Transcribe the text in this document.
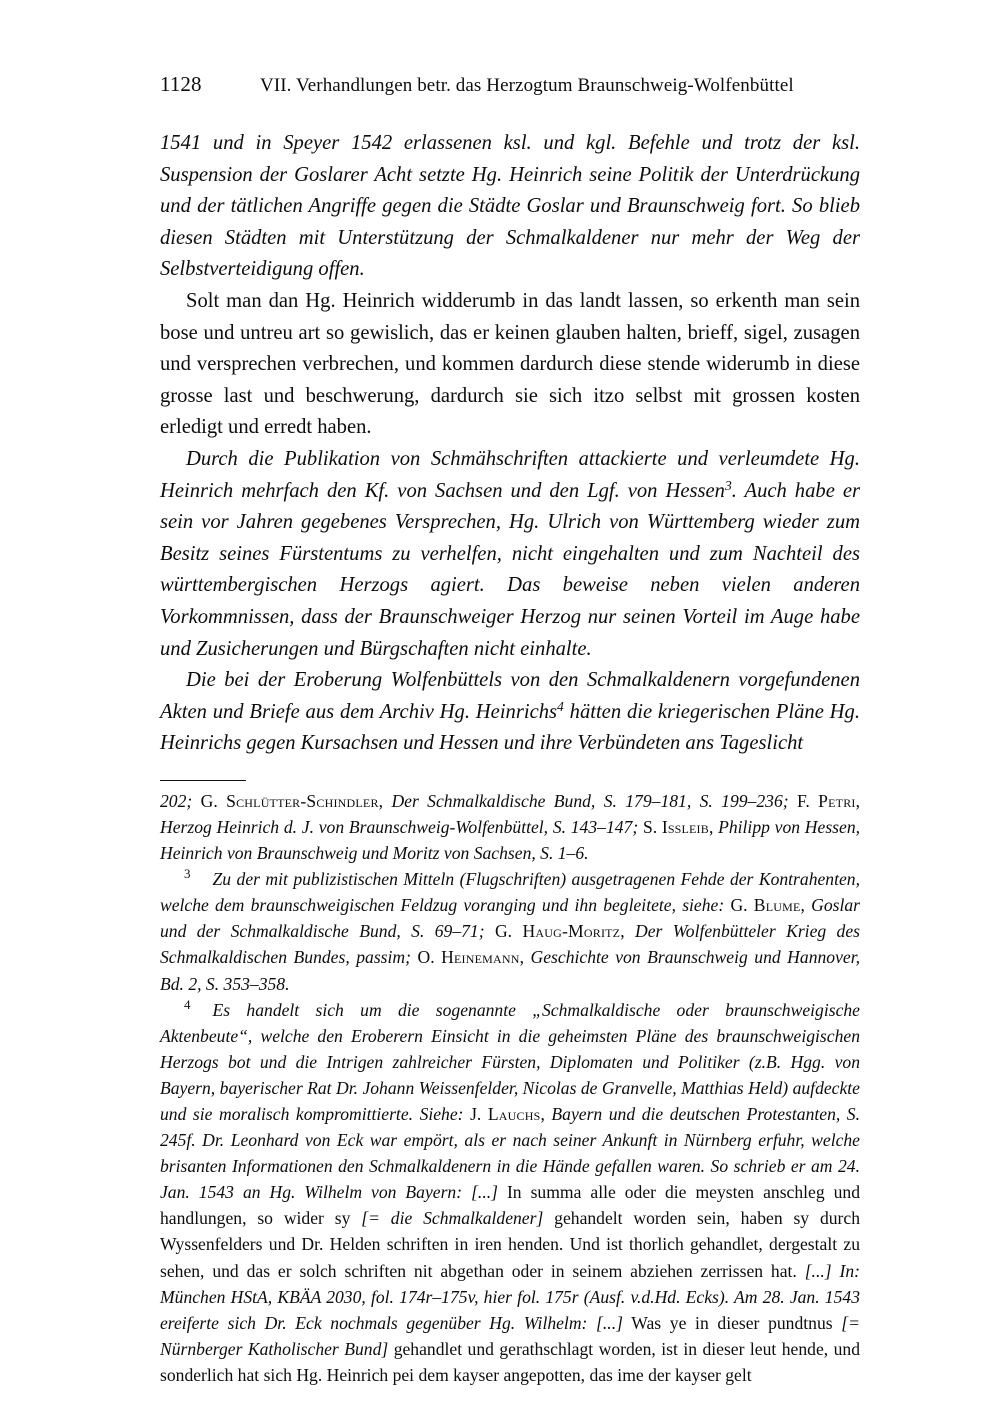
1128	VII. Verhandlungen betr. das Herzogtum Braunschweig-Wolfenbüttel

1541 und in Speyer 1542 erlassenen ksl. und kgl. Befehle und trotz der ksl. Suspension der Goslarer Acht setzte Hg. Heinrich seine Politik der Unterdrückung und der tätlichen Angriffe gegen die Städte Goslar und Braunschweig fort. So blieb diesen Städten mit Unterstützung der Schmalkaldener nur mehr der Weg der Selbstverteidigung offen.

Solt man dan Hg. Heinrich widderumb in das landt lassen, so erkenth man sein bose und untreu art so gewislich, das er keinen glauben halten, brieff, sigel, zusagen und versprechen verbrechen, und kommen dardurch diese stende widerumb in diese grosse last und beschwerung, dardurch sie sich itzo selbst mit grossen kosten erledigt und erredt haben.

Durch die Publikation von Schmähschriften attackierte und verleumdete Hg. Heinrich mehrfach den Kf. von Sachsen und den Lgf. von Hessen$^3$. Auch habe er sein vor Jahren gegebenes Versprechen, Hg. Ulrich von Württemberg wieder zum Besitz seines Fürstentums zu verhelfen, nicht eingehalten und zum Nachteil des württembergischen Herzogs agiert. Das beweise neben vielen anderen Vorkommnissen, dass der Braunschweiger Herzog nur seinen Vorteil im Auge habe und Zusicherungen und Bürgschaften nicht einhalte.

Die bei der Eroberung Wolfenbüttels von den Schmalkaldenern vorgefundenen Akten und Briefe aus dem Archiv Hg. Heinrichs$^4$ hätten die kriegerischen Pläne Hg. Heinrichs gegen Kursachsen und Hessen und ihre Verbündeten ans Tageslicht

202; G. Schlütter-Schindler, Der Schmalkaldische Bund, S. 179–181, S. 199–236; F. Petri, Herzog Heinrich d. J. von Braunschweig-Wolfenbüttel, S. 143–147; S. Ißleib, Philipp von Hessen, Heinrich von Braunschweig und Moritz von Sachsen, S. 1–6.

$^3$ Zu der mit publizistischen Mitteln (Flugschriften) ausgetragenen Fehde der Kontrahenten, welche dem braunschweigischen Feldzug voranging und ihn begleitete, siehe: G. Blume, Goslar und der Schmalkaldische Bund, S. 69–71; G. Haug-Moritz, Der Wolfenbütteler Krieg des Schmalkaldischen Bundes, passim; O. Heinemann, Geschichte von Braunschweig und Hannover, Bd. 2, S. 353–358.

$^4$ Es handelt sich um die sogenannte „Schmalkaldische oder braunschweigische Aktenbeute“, welche den Eroberern Einsicht in die geheimsten Pläne des braunschweigischen Herzogs bot und die Intrigen zahlreicher Fürsten, Diplomaten und Politiker (z.B. Hgg. von Bayern, bayerischer Rat Dr. Johann Weissenfelder, Nicolas de Granvelle, Matthias Held) aufdeckte und sie moralisch kompromittierte. Siehe: J. Lauchs, Bayern und die deutschen Protestanten, S. 245f. Dr. Leonhard von Eck war empört, als er nach seiner Ankunft in Nürnberg erfuhr, welche brisanten Informationen den Schmalkaldenern in die Hände gefallen waren. So schrieb er am 24. Jan. 1543 an Hg. Wilhelm von Bayern: [...] In summa alle oder die meysten anschleg und handlungen, so wider sy [= die Schmalkaldener] gehandelt worden sein, haben sy durch Wyssenfelders und Dr. Helden schriften in iren henden. Und ist thorlich gehandlet, dergestalt zu sehen, und das er solch schriften nit abgethan oder in seinem abziehen zerrissen hat. [...] In: München HStA, KBÄA 2030, fol. 174r–175v, hier fol. 175r (Ausf. v.d.Hd. Ecks). Am 28. Jan. 1543 ereiferte sich Dr. Eck nochmals gegenüber Hg. Wilhelm: [...] Was ye in dieser pundtnus [= Nürnberger Katholischer Bund] gehandlet und gerathschlagt worden, ist in dieser leut hende, und sonderlich hat sich Hg. Heinrich pei dem kayser angepotten, das ime der kayser gelt
